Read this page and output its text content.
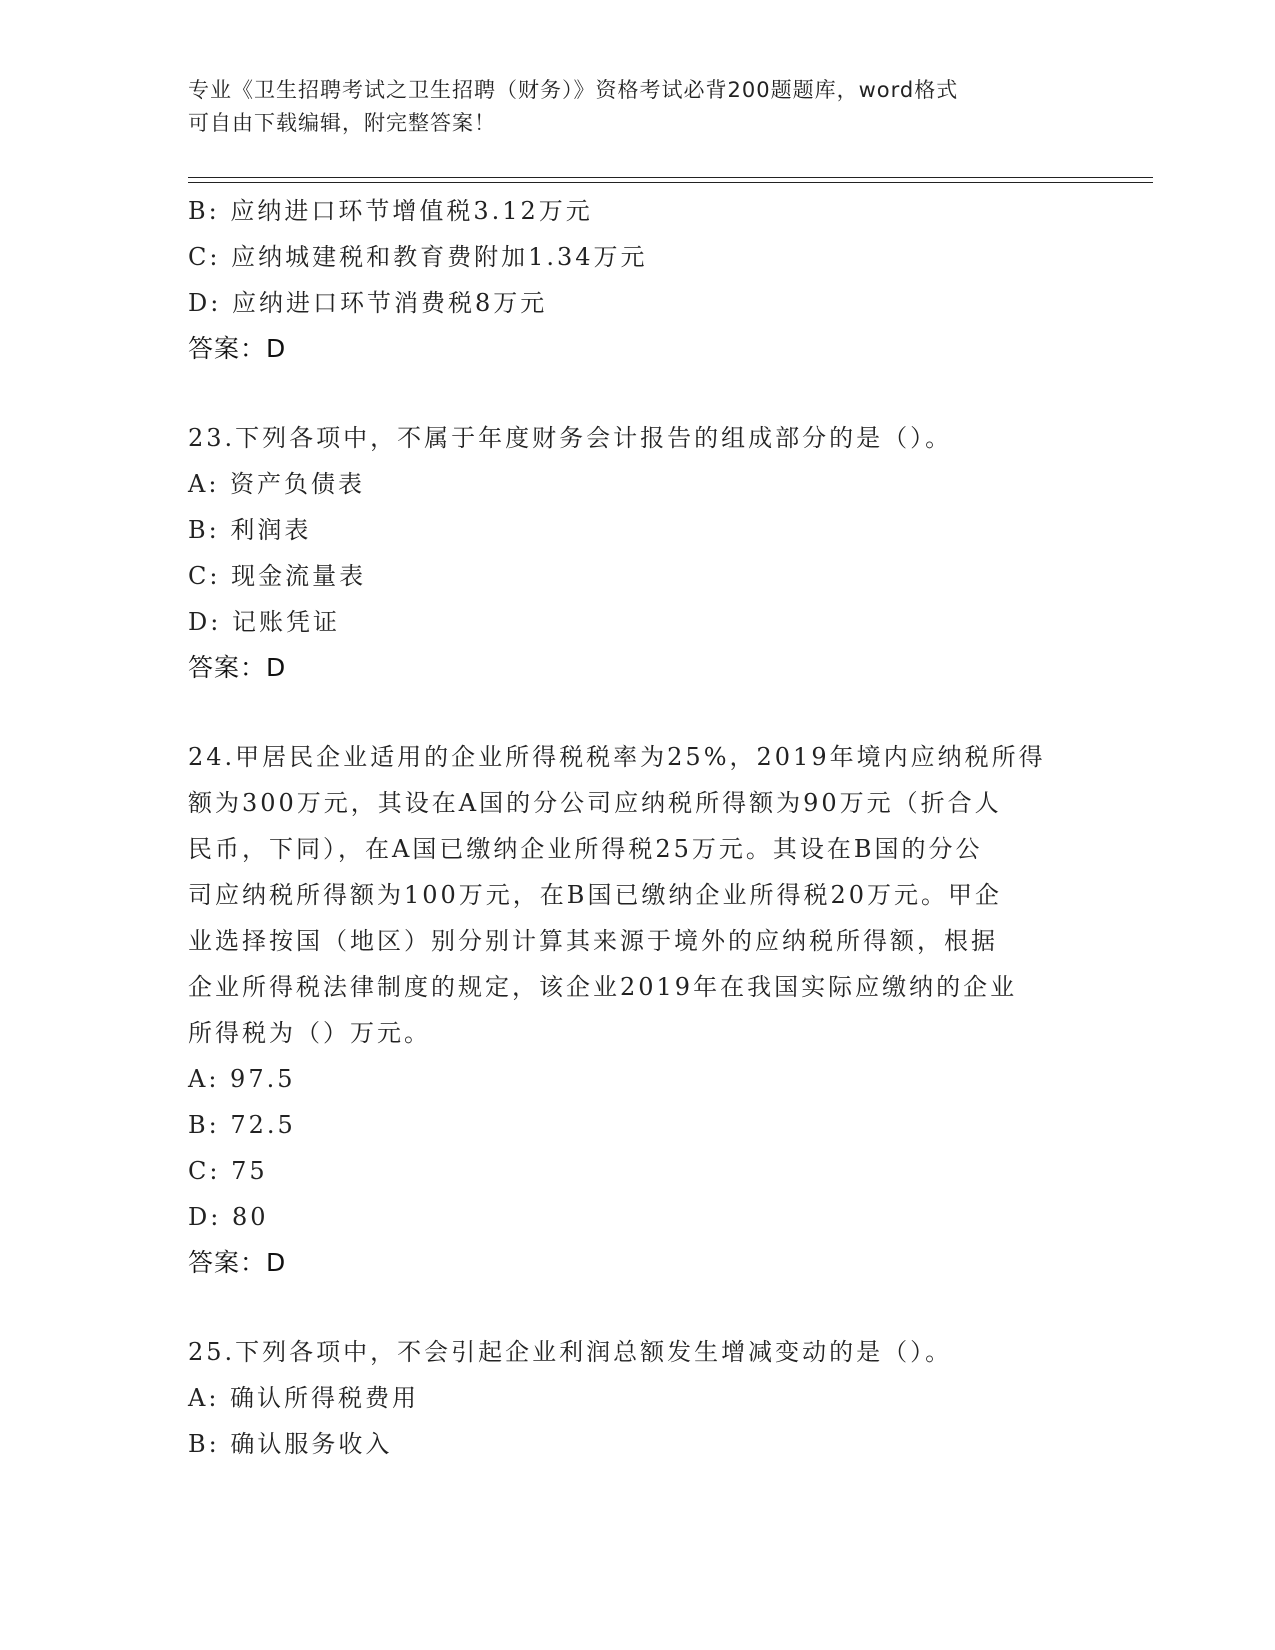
专业《卫生招聘考试之卫生招聘（财务）》资格考试必背200题题库，word格式
可自由下载编辑，附完整答案！
B: 应纳进口环节增值税3.12万元
C: 应纳城建税和教育费附加1.34万元
D: 应纳进口环节消费税8万元
答案：D
23.下列各项中，不属于年度财务会计报告的组成部分的是（）。
A: 资产负债表
B: 利润表
C: 现金流量表
D: 记账凭证
答案：D
24.甲居民企业适用的企业所得税税率为25%，2019年境内应纳税所得
额为300万元，其设在A国的分公司应纳税所得额为90万元（折合人
民币，下同），在A国已缴纳企业所得税25万元。其设在B国的分公
司应纳税所得额为100万元，在B国已缴纳企业所得税20万元。甲企
业选择按国（地区）别分别计算其来源于境外的应纳税所得额，根据
企业所得税法律制度的规定，该企业2019年在我国实际应缴纳的企业
所得税为（）万元。
A: 97.5
B: 72.5
C: 75
D: 80
答案：D
25.下列各项中，不会引起企业利润总额发生增减变动的是（）。
A: 确认所得税费用
B: 确认服务收入
